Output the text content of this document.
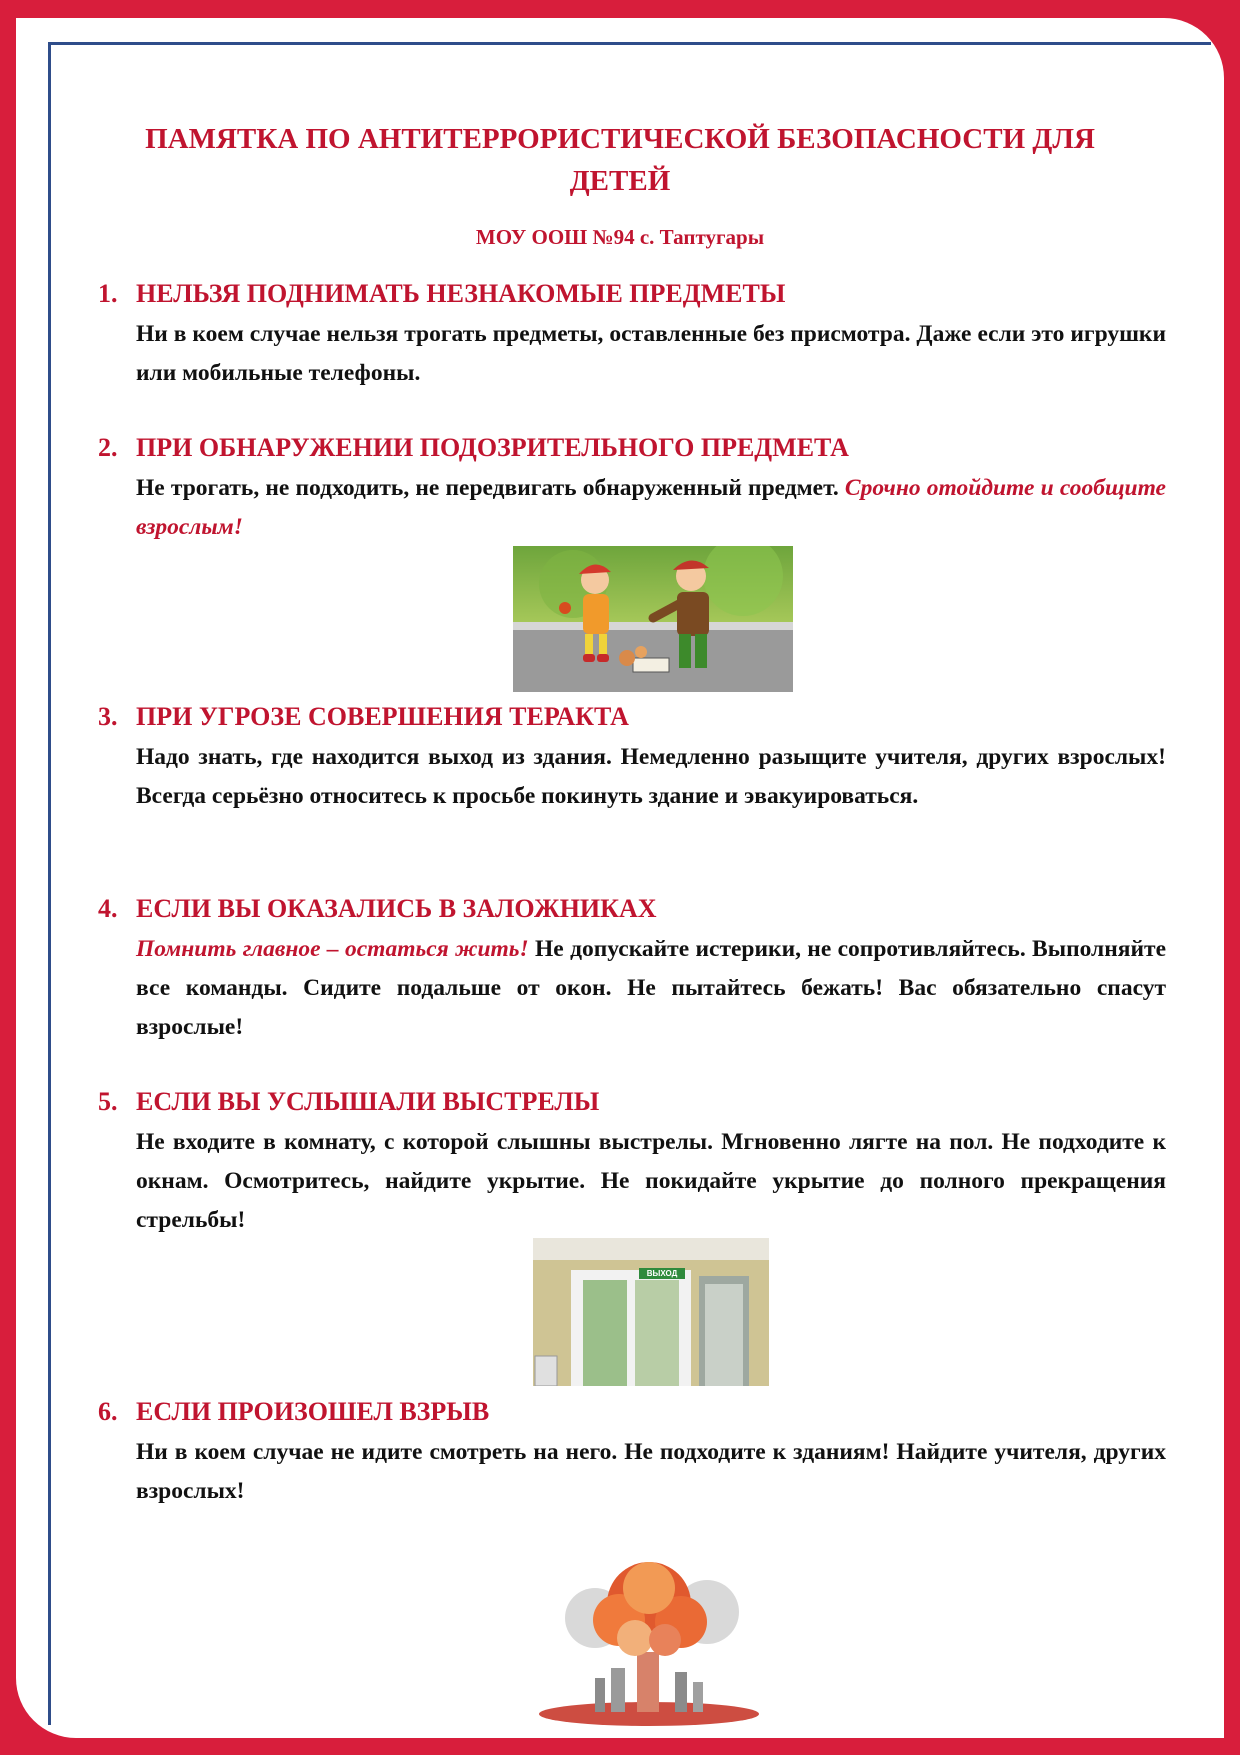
ПАМЯТКА ПО АНТИТЕРРОРИСТИЧЕСКОЙ БЕЗОПАСНОСТИ ДЛЯ
ДЕТЕЙ
МОУ ООШ №94 с. Таптугары
1. НЕЛЬЗЯ ПОДНИМАТЬ НЕЗНАКОМЫЕ ПРЕДМЕТЫ
Ни в коем случае нельзя трогать предметы, оставленные без присмотра. Даже если это игрушки или мобильные телефоны.
2. ПРИ ОБНАРУЖЕНИИ ПОДОЗРИТЕЛЬНОГО ПРЕДМЕТА
Не трогать, не подходить, не передвигать обнаруженный предмет. Срочно отойдите и сообщите взрослым!
3. ПРИ УГРОЗЕ СОВЕРШЕНИЯ ТЕРАКТА
Надо знать, где находится выход из здания. Немедленно разыщите учителя, других взрослых! Всегда серьёзно относитесь к просьбе покинуть здание и эвакуироваться.
4. ЕСЛИ ВЫ ОКАЗАЛИСЬ В ЗАЛОЖНИКАХ
Помнить главное – остаться жить! Не допускайте истерики, не сопротивляйтесь. Выполняйте все команды. Сидите подальше от окон. Не пытайтесь бежать! Вас обязательно спасут взрослые!
5. ЕСЛИ ВЫ УСЛЫШАЛИ ВЫСТРЕЛЫ
Не входите в комнату, с которой слышны выстрелы. Мгновенно лягте на пол. Не подходите к окнам. Осмотритесь, найдите укрытие. Не покидайте укрытие до полного прекращения стрельбы!
ВЫХОД
6. ЕСЛИ ПРОИЗОШЕЛ ВЗРЫВ
Ни в коем случае не идите смотреть на него. Не подходите к зданиям! Найдите учителя, других взрослых!
